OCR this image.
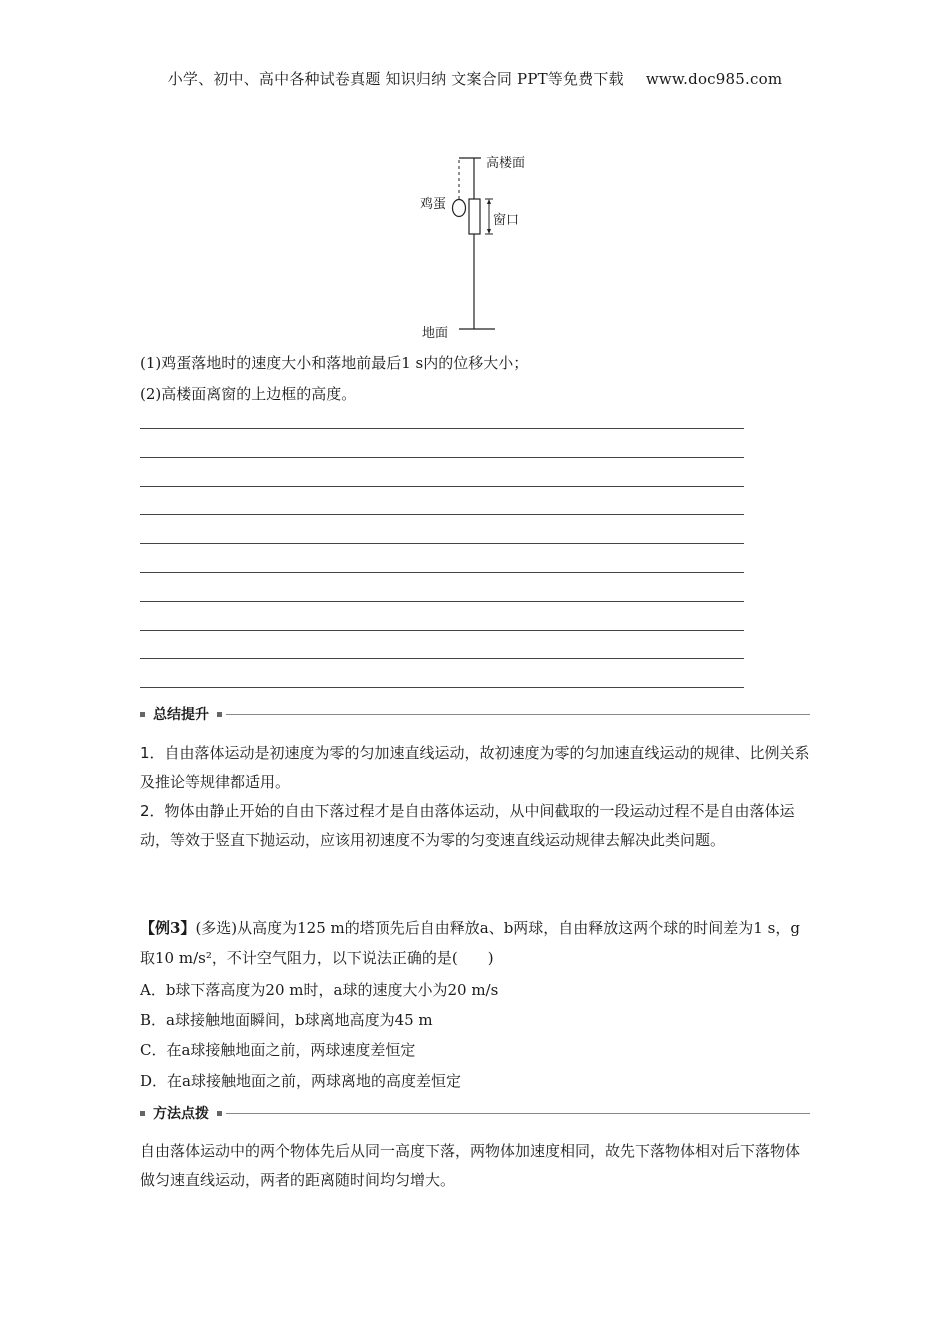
小学、初中、高中各种试卷真题 知识归纳 文案合同 PPT等免费下载 www.doc985.com
高楼面
鸡蛋
窗口
地面
(1)鸡蛋落地时的速度大小和落地前最后1 s内的位移大小；
(2)高楼面离窗的上边框的高度。
总结提升
1．自由落体运动是初速度为零的匀加速直线运动，故初速度为零的匀加速直线运动的规律、比例关系及推论等规律都适用。
2．物体由静止开始的自由下落过程才是自由落体运动，从中间截取的一段运动过程不是自由落体运动，等效于竖直下抛运动，应该用初速度不为零的匀变速直线运动规律去解决此类问题。
【例3】(多选)从高度为125 m的塔顶先后自由释放a、b两球，自由释放这两个球的时间差为1 s，g取10 m/s²，不计空气阻力，以下说法正确的是(　　)
A．b球下落高度为20 m时，a球的速度大小为20 m/s
B．a球接触地面瞬间，b球离地高度为45 m
C．在a球接触地面之前，两球速度差恒定
D．在a球接触地面之前，两球离地的高度差恒定
方法点拨
自由落体运动中的两个物体先后从同一高度下落，两物体加速度相同，故先下落物体相对后下落物体做匀速直线运动，两者的距离随时间均匀增大。
